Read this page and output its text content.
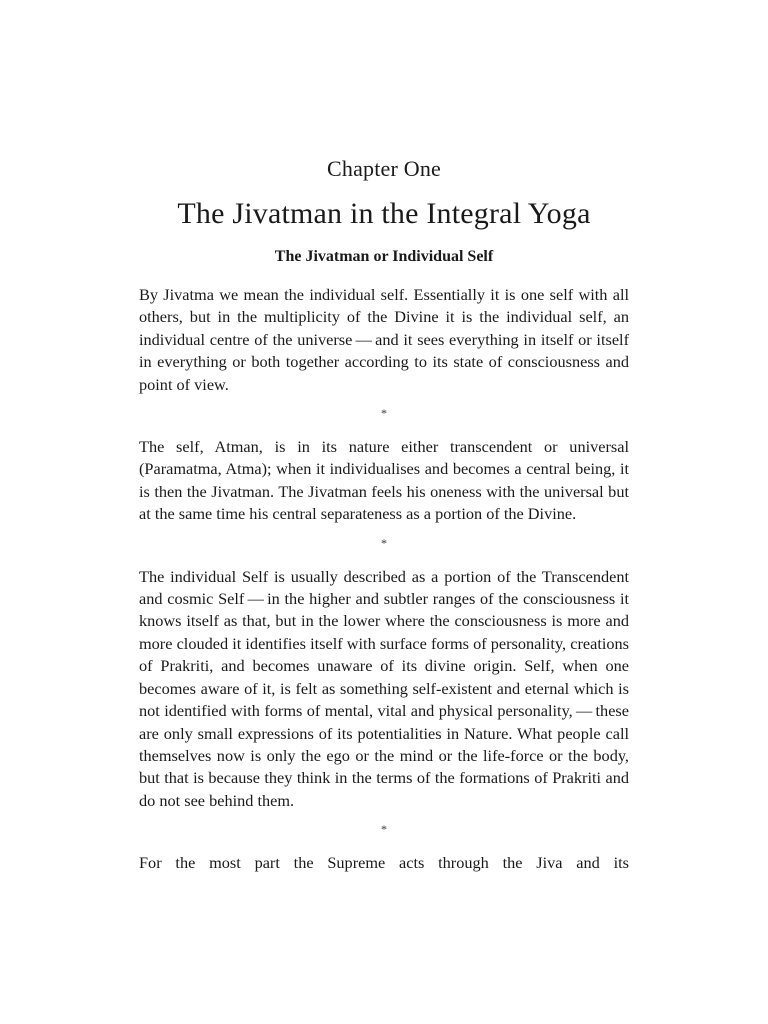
Chapter One
The Jivatman in the Integral Yoga
The Jivatman or Individual Self

By Jivatma we mean the individual self. Essentially it is one self with all others, but in the multiplicity of the Divine it is the individual self, an individual centre of the universe — and it sees everything in itself or itself in everything or both together according to its state of consciousness and point of view.

*

The self, Atman, is in its nature either transcendent or universal (Paramatma, Atma); when it individualises and becomes a central being, it is then the Jivatman. The Jivatman feels his oneness with the universal but at the same time his central separateness as a portion of the Divine.

*

The individual Self is usually described as a portion of the Transcendent and cosmic Self — in the higher and subtler ranges of the consciousness it knows itself as that, but in the lower where the consciousness is more and more clouded it identifies itself with surface forms of personality, creations of Prakriti, and becomes unaware of its divine origin. Self, when one becomes aware of it, is felt as something self-existent and eternal which is not identified with forms of mental, vital and physical personality, — these are only small expressions of its potentialities in Nature. What people call themselves now is only the ego or the mind or the life-force or the body, but that is because they think in the terms of the formations of Prakriti and do not see behind them.

*

For the most part the Supreme acts through the Jiva and its
